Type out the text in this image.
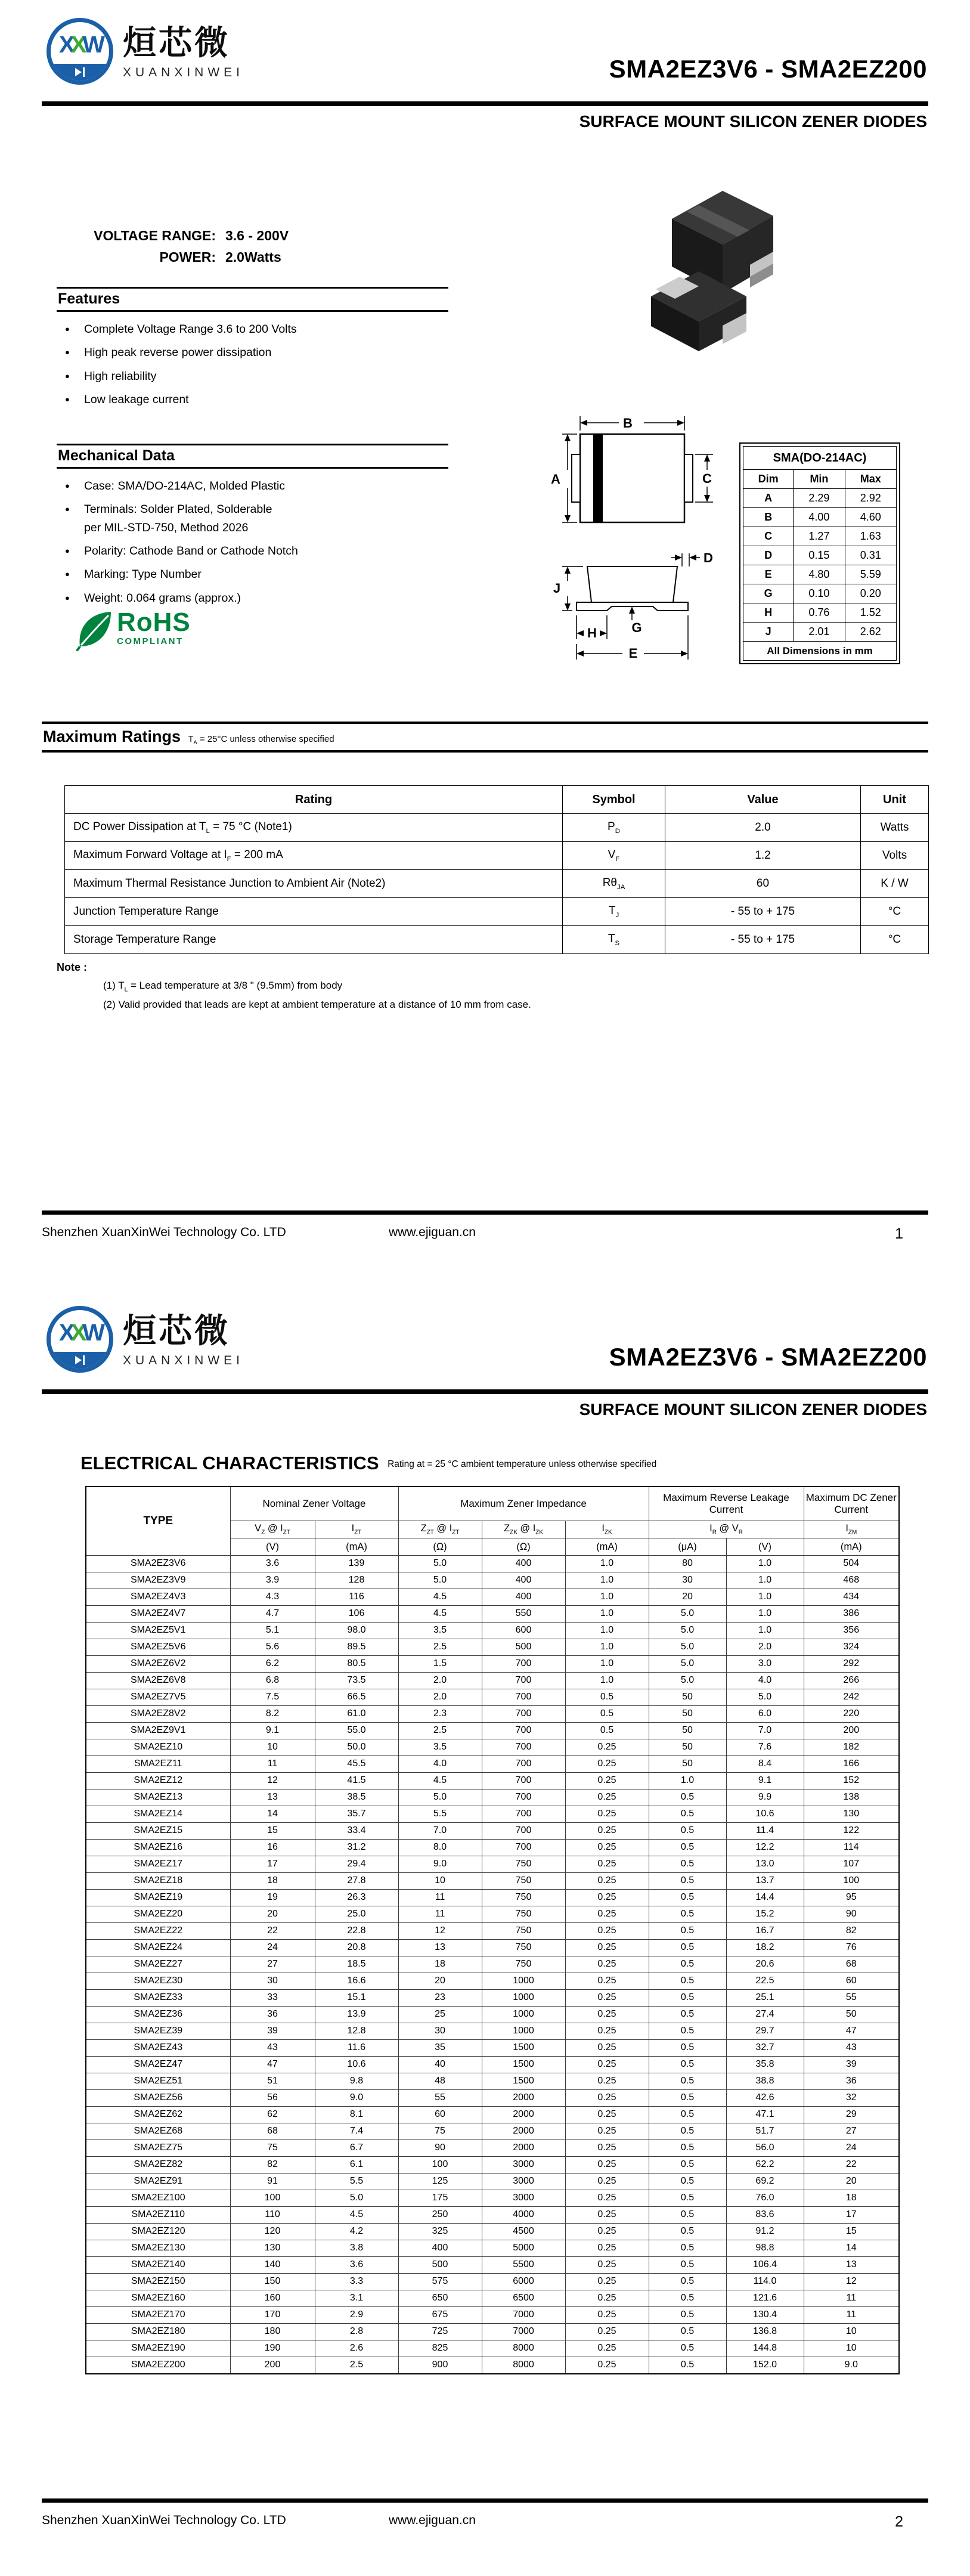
XXW 烜芯微
XUANXINWEI	SMA2EZ3V6 - SMA2EZ200
SURFACE MOUNT SILICON ZENER DIODES
VOLTAGE RANGE: 3.6 - 200V
POWER: 2.0Watts
Features
● Complete Voltage Range 3.6 to 200 Volts
● High peak reverse power dissipation
● High reliability
● Low leakage current
Mechanical Data
● Case: SMA/DO-214AC, Molded Plastic
● Terminals: Solder Plated, Solderable
per MIL-STD-750, Method 2026
● Polarity: Cathode Band or Cathode Notch
● Marking: Type Number
● Weight: 0.064 grams (approx.)
RoHS
COMPLIANT
B
A	C
D
J
G
H
E
SMA(DO-214AC)		
Dim	Min	Max
A	2.29	2.92
B	4.00	4.60
C	1.27	1.63
D	0.15	0.31
E	4.80	5.59
G	0.10	0.20
H	0.76	1.52
J	2.01	2.62
All Dimensions in mm		
Maximum Ratings $T_A = 25^\circ C$ unless otherwise specified
Rating	Symbol	Value	Unit
DC Power Dissipation at $T_L = 75$ °C (Note1)	$P_D$	2.0	Watts
Maximum Forward Voltage at $I_F = 200$ mA	$V_F$	1.2	Volts
Maximum Thermal Resistance Junction to Ambient Air (Note2)	$R\theta_{JA}$	60	K / W
Junction Temperature Range	$T_J$	- 55 to + 175	°C
Storage Temperature Range	$T_S$	- 55 to + 175	°C
Note :
(1) $T_L$ = Lead temperature at 3/8 " (9.5mm) from body
(2) Valid provided that leads are kept at ambient temperature at a distance of 10 mm from case.
Shenzhen XuanXinWei Technology Co. LTD	www.ejiguan.cn	1
XXW 烜芯微
XUANXINWEI	SMA2EZ3V6 - SMA2EZ200
SURFACE MOUNT SILICON ZENER DIODES
ELECTRICAL CHARACTERISTICS Rating at = 25 °C ambient temperature unless otherwise specified
TYPE	Nominal Zener Voltage		Maximum Zener Impedance			Maximum Reverse Leakage Current		Maximum DC Zener Current
	$V_Z$ @ $I_{ZT}$	$I_{ZT}$	$Z_{ZT}$ @ $I_{ZT}$	$Z_{ZK}$ @ $I_{ZK}$	$I_{ZK}$	$I_R$ @ $V_R$		$I_{ZM}$
	(V)	(mA)	(Ω)	(Ω)	(mA)	(μA)	(V)	(mA)
SMA2EZ3V6	3.6	139	5.0	400	1.0	80	1.0	504
SMA2EZ3V9	3.9	128	5.0	400	1.0	30	1.0	468
SMA2EZ4V3	4.3	116	4.5	400	1.0	20	1.0	434
SMA2EZ4V7	4.7	106	4.5	550	1.0	5.0	1.0	386
SMA2EZ5V1	5.1	98.0	3.5	600	1.0	5.0	1.0	356
SMA2EZ5V6	5.6	89.5	2.5	500	1.0	5.0	2.0	324
SMA2EZ6V2	6.2	80.5	1.5	700	1.0	5.0	3.0	292
SMA2EZ6V8	6.8	73.5	2.0	700	1.0	5.0	4.0	266
SMA2EZ7V5	7.5	66.5	2.0	700	0.5	50	5.0	242
SMA2EZ8V2	8.2	61.0	2.3	700	0.5	50	6.0	220
SMA2EZ9V1	9.1	55.0	2.5	700	0.5	50	7.0	200
SMA2EZ10	10	50.0	3.5	700	0.25	50	7.6	182
SMA2EZ11	11	45.5	4.0	700	0.25	50	8.4	166
SMA2EZ12	12	41.5	4.5	700	0.25	1.0	9.1	152
SMA2EZ13	13	38.5	5.0	700	0.25	0.5	9.9	138
SMA2EZ14	14	35.7	5.5	700	0.25	0.5	10.6	130
SMA2EZ15	15	33.4	7.0	700	0.25	0.5	11.4	122
SMA2EZ16	16	31.2	8.0	700	0.25	0.5	12.2	114
SMA2EZ17	17	29.4	9.0	750	0.25	0.5	13.0	107
SMA2EZ18	18	27.8	10	750	0.25	0.5	13.7	100
SMA2EZ19	19	26.3	11	750	0.25	0.5	14.4	95
SMA2EZ20	20	25.0	11	750	0.25	0.5	15.2	90
SMA2EZ22	22	22.8	12	750	0.25	0.5	16.7	82
SMA2EZ24	24	20.8	13	750	0.25	0.5	18.2	76
SMA2EZ27	27	18.5	18	750	0.25	0.5	20.6	68
SMA2EZ30	30	16.6	20	1000	0.25	0.5	22.5	60
SMA2EZ33	33	15.1	23	1000	0.25	0.5	25.1	55
SMA2EZ36	36	13.9	25	1000	0.25	0.5	27.4	50
SMA2EZ39	39	12.8	30	1000	0.25	0.5	29.7	47
SMA2EZ43	43	11.6	35	1500	0.25	0.5	32.7	43
SMA2EZ47	47	10.6	40	1500	0.25	0.5	35.8	39
SMA2EZ51	51	9.8	48	1500	0.25	0.5	38.8	36
SMA2EZ56	56	9.0	55	2000	0.25	0.5	42.6	32
SMA2EZ62	62	8.1	60	2000	0.25	0.5	47.1	29
SMA2EZ68	68	7.4	75	2000	0.25	0.5	51.7	27
SMA2EZ75	75	6.7	90	2000	0.25	0.5	56.0	24
SMA2EZ82	82	6.1	100	3000	0.25	0.5	62.2	22
SMA2EZ91	91	5.5	125	3000	0.25	0.5	69.2	20
SMA2EZ100	100	5.0	175	3000	0.25	0.5	76.0	18
SMA2EZ110	110	4.5	250	4000	0.25	0.5	83.6	17
SMA2EZ120	120	4.2	325	4500	0.25	0.5	91.2	15
SMA2EZ130	130	3.8	400	5000	0.25	0.5	98.8	14
SMA2EZ140	140	3.6	500	5500	0.25	0.5	106.4	13
SMA2EZ150	150	3.3	575	6000	0.25	0.5	114.0	12
SMA2EZ160	160	3.1	650	6500	0.25	0.5	121.6	11
SMA2EZ170	170	2.9	675	7000	0.25	0.5	130.4	11
SMA2EZ180	180	2.8	725	7000	0.25	0.5	136.8	10
SMA2EZ190	190	2.6	825	8000	0.25	0.5	144.8	10
SMA2EZ200	200	2.5	900	8000	0.25	0.5	152.0	9.0
Shenzhen XuanXinWei Technology Co. LTD	www.ejiguan.cn	2
